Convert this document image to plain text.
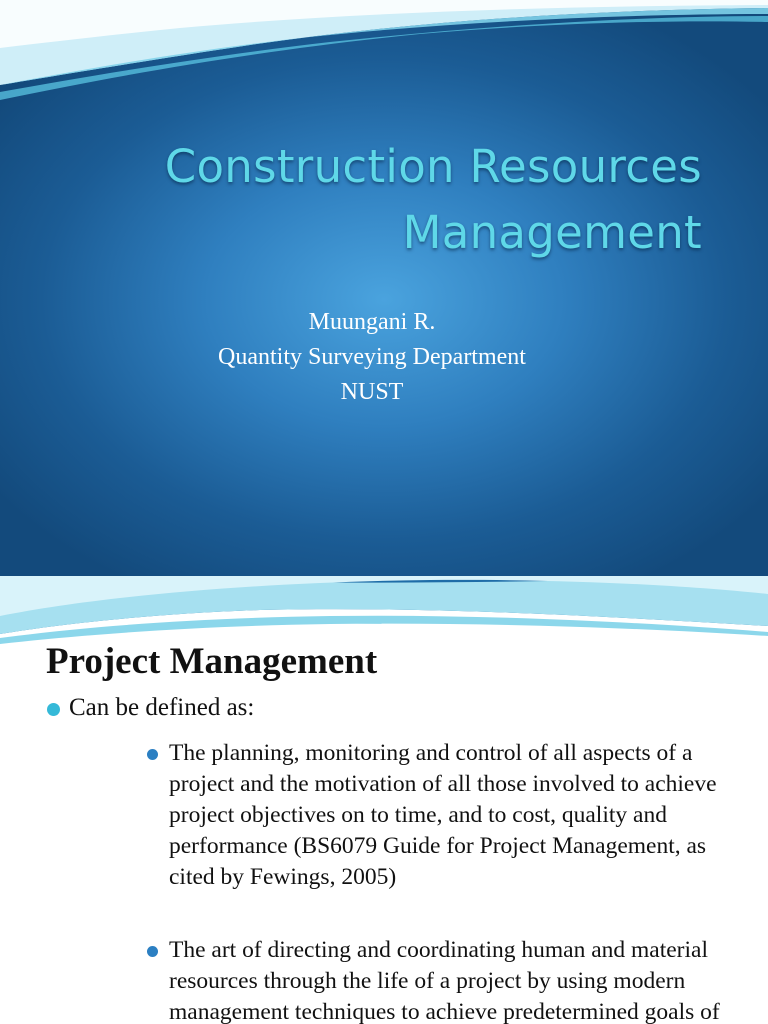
Construction Resources
Management
Muungani R.
Quantity Surveying Department
NUST
Project Management
Can be defined as:
The planning, monitoring and control of all aspects of a
project and the motivation of all those involved to achieve
project objectives on to time, and to cost, quality and
performance (BS6079 Guide for Project Management, as
cited by Fewings, 2005)
The art of directing and coordinating human and material
resources through the life of a project by using modern
management techniques to achieve predetermined goals of
